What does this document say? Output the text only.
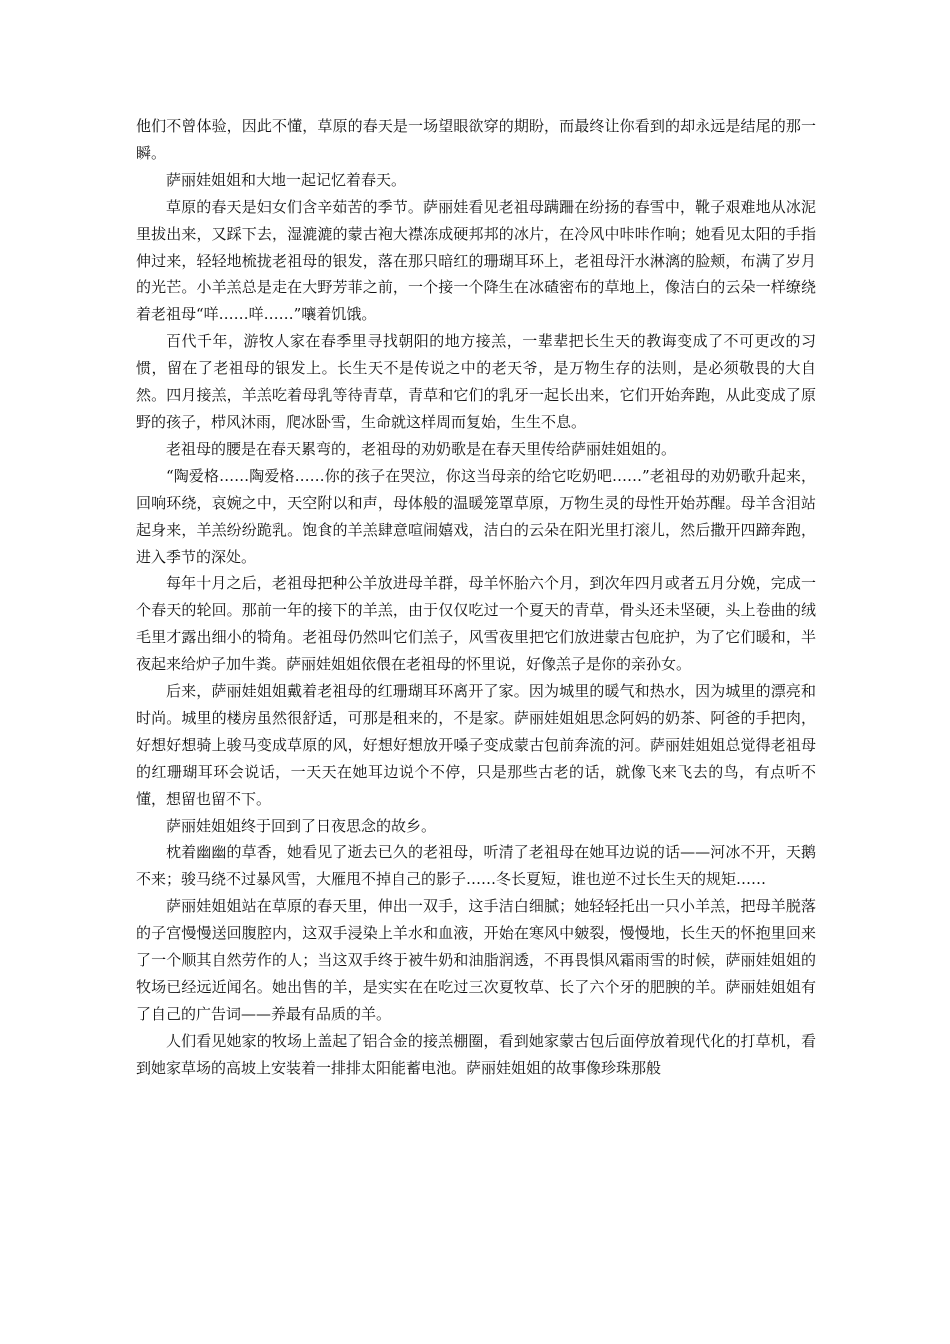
他们不曾体验，因此不懂，草原的春天是一场望眼欲穿的期盼，而最终让你看到的却永远是结尾的那一瞬。

萨丽娃姐姐和大地一起记忆着春天。

草原的春天是妇女们含辛茹苦的季节。萨丽娃看见老祖母蹒跚在纷扬的春雪中，靴子艰难地从冰泥里拔出来，又踩下去，湿漉漉的蒙古袍大襟冻成硬邦邦的冰片，在冷风中咔咔作响；她看见太阳的手指伸过来，轻轻地梳拢老祖母的银发，落在那只暗红的珊瑚耳环上，老祖母汗水淋漓的脸颊，布满了岁月的光芒。小羊羔总是走在大野芳菲之前，一个接一个降生在冰碴密布的草地上，像洁白的云朵一样缭绕着老祖母“咩……咩……”嚷着饥饿。

百代千年，游牧人家在春季里寻找朝阳的地方接羔，一辈辈把长生天的教诲变成了不可更改的习惯，留在了老祖母的银发上。长生天不是传说之中的老天爷，是万物生存的法则，是必须敬畏的大自然。四月接羔，羊羔吃着母乳等待青草，青草和它们的乳牙一起长出来，它们开始奔跑，从此变成了原野的孩子，栉风沐雨，爬冰卧雪，生命就这样周而复始，生生不息。

老祖母的腰是在春天累弯的，老祖母的劝奶歌是在春天里传给萨丽娃姐姐的。

“陶爱格……陶爱格……你的孩子在哭泣，你这当母亲的给它吃奶吧……”老祖母的劝奶歌升起来，回响环绕，哀婉之中，天空附以和声，母体般的温暖笼罩草原，万物生灵的母性开始苏醒。母羊含泪站起身来，羊羔纷纷跪乳。饱食的羊羔肆意喧闹嬉戏，洁白的云朵在阳光里打滚儿，然后撒开四蹄奔跑，进入季节的深处。

每年十月之后，老祖母把种公羊放进母羊群，母羊怀胎六个月，到次年四月或者五月分娩，完成一个春天的轮回。那前一年的接下的羊羔，由于仅仅吃过一个夏天的青草，骨头还未坚硬，头上卷曲的绒毛里才露出细小的犄角。老祖母仍然叫它们羔子，风雪夜里把它们放进蒙古包庇护，为了它们暖和，半夜起来给炉子加牛粪。萨丽娃姐姐依偎在老祖母的怀里说，好像羔子是你的亲孙女。

后来，萨丽娃姐姐戴着老祖母的红珊瑚耳环离开了家。因为城里的暖气和热水，因为城里的漂亮和时尚。城里的楼房虽然很舒适，可那是租来的，不是家。萨丽娃姐姐思念阿妈的奶茶、阿爸的手把肉，好想好想骑上骏马变成草原的风，好想好想放开嗓子变成蒙古包前奔流的河。萨丽娃姐姐总觉得老祖母的红珊瑚耳环会说话，一天天在她耳边说个不停，只是那些古老的话，就像飞来飞去的鸟，有点听不懂，想留也留不下。

萨丽娃姐姐终于回到了日夜思念的故乡。

枕着幽幽的草香，她看见了逝去已久的老祖母，听清了老祖母在她耳边说的话——河冰不开，天鹅不来；骏马绕不过暴风雪，大雁甩不掉自己的影子……冬长夏短，谁也逆不过长生天的规矩……

萨丽娃姐姐站在草原的春天里，伸出一双手，这手洁白细腻；她轻轻托出一只小羊羔，把母羊脱落的子宫慢慢送回腹腔内，这双手浸染上羊水和血液，开始在寒风中皴裂，慢慢地，长生天的怀抱里回来了一个顺其自然劳作的人；当这双手终于被牛奶和油脂润透，不再畏惧风霜雨雪的时候，萨丽娃姐姐的牧场已经远近闻名。她出售的羊，是实实在在吃过三次夏牧草、长了六个牙的肥腴的羊。萨丽娃姐姐有了自己的广告词——养最有品质的羊。

人们看见她家的牧场上盖起了铝合金的接羔棚圈，看到她家蒙古包后面停放着现代化的打草机，看到她家草场的高坡上安装着一排排太阳能蓄电池。萨丽娃姐姐的故事像珍珠那般
